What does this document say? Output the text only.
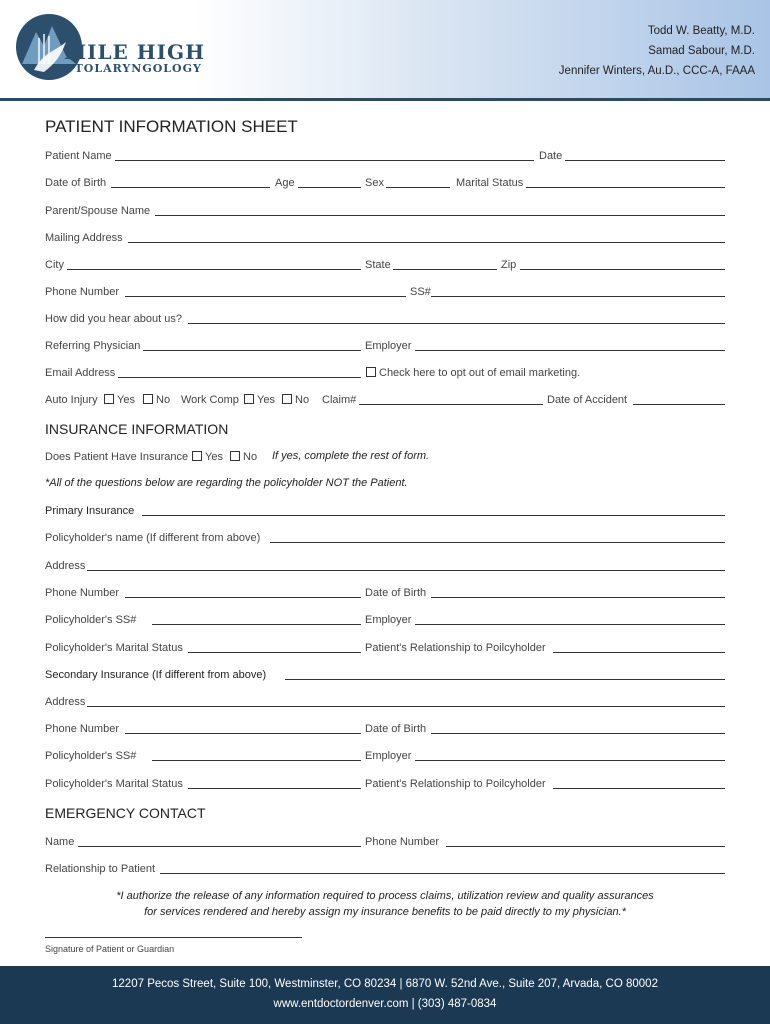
MILE HIGH
OTOLARYNGOLOGY
Todd W. Beatty, M.D.
Samad Sabour, M.D.
Jennifer Winters, Au.D., CCC-A, FAAA
PATIENT INFORMATION SHEET
Patient Name	Date
Date of Birth	Age	Sex	Marital Status
Parent/Spouse Name
Mailing Address
City	State	Zip
Phone Number	SS#
How did you hear about us?
Referring Physician	Employer
Email Address	Check here to opt out of email marketing.
Auto Injury Yes No Work Comp Yes No Claim#	Date of Accident
INSURANCE INFORMATION
Does Patient Have Insurance Yes No If yes, complete the rest of form.
*All of the questions below are regarding the policyholder NOT the Patient.
Primary Insurance
Policyholder's name (If different from above)
Address
Phone Number	Date of Birth
Policyholder's SS#	Employer
Policyholder's Marital Status	Patient's Relationship to Poilcyholder
Secondary Insurance (If different from above)
Address
Phone Number	Date of Birth
Policyholder's SS#	Employer
Policyholder's Marital Status	Patient's Relationship to Poilcyholder
EMERGENCY CONTACT
Name	Phone Number
Relationship to Patient
*I authorize the release of any information required to process claims, utilization review and quality assurances
for services rendered and hereby assign my insurance benefits to be paid directly to my physician.*
Signature of Patient or Guardian
12207 Pecos Street, Suite 100, Westminster, CO 80234 | 6870 W. 52nd Ave., Suite 207, Arvada, CO 80002
www.entdoctordenver.com | (303) 487-0834
